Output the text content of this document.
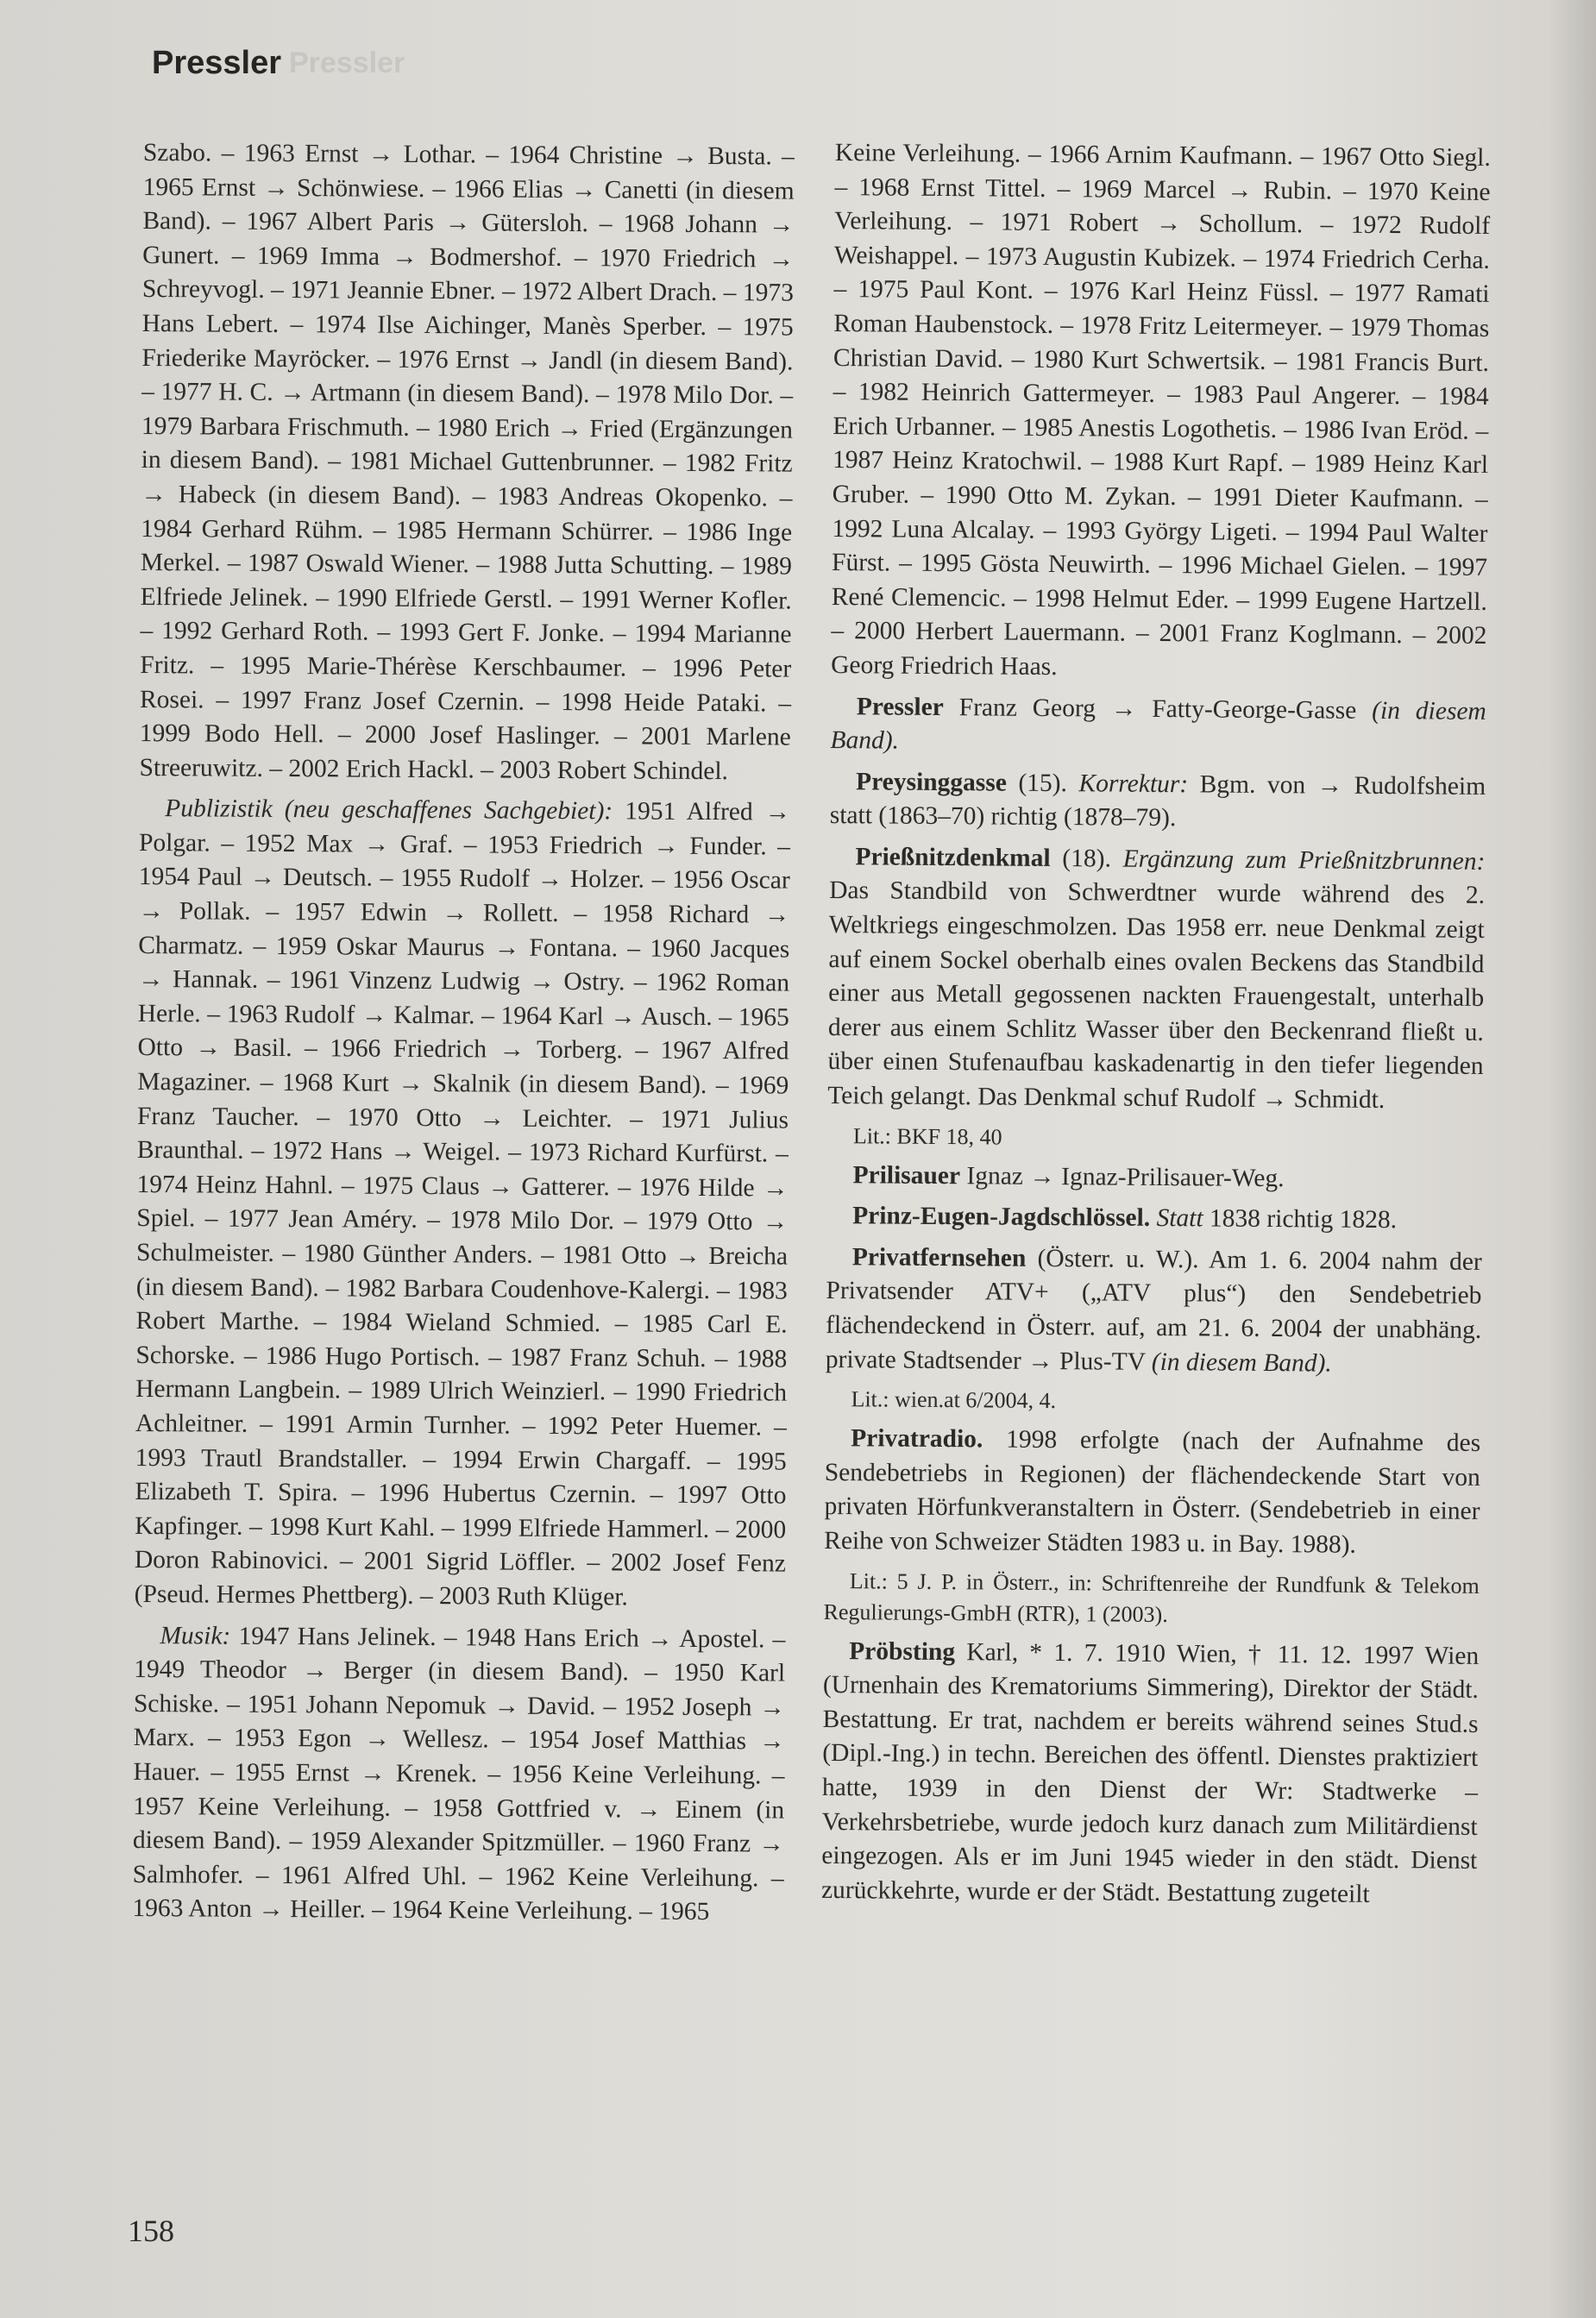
Pressler Pressler

Szabo. – 1963 Ernst → Lothar. – 1964 Christine → Busta. – 1965 Ernst → Schönwiese. – 1966 Elias → Canetti (in diesem Band). – 1967 Albert Paris → Gütersloh. – 1968 Johann → Gunert. – 1969 Imma → Bodmershof. – 1970 Friedrich → Schreyvogl. – 1971 Jeannie Ebner. – 1972 Albert Drach. – 1973 Hans Lebert. – 1974 Ilse Aichinger, Manès Sperber. – 1975 Friederike Mayröcker. – 1976 Ernst → Jandl (in diesem Band). – 1977 H. C. → Artmann (in diesem Band). – 1978 Milo Dor. – 1979 Barbara Frischmuth. – 1980 Erich → Fried (Ergänzungen in diesem Band). – 1981 Michael Guttenbrunner. – 1982 Fritz → Habeck (in diesem Band). – 1983 Andreas Okopenko. – 1984 Gerhard Rühm. – 1985 Hermann Schürrer. – 1986 Inge Merkel. – 1987 Oswald Wiener. – 1988 Jutta Schutting. – 1989 Elfriede Jelinek. – 1990 Elfriede Gerstl. – 1991 Werner Kofler. – 1992 Gerhard Roth. – 1993 Gert F. Jonke. – 1994 Marianne Fritz. – 1995 Marie-Thérèse Kerschbaumer. – 1996 Peter Rosei. – 1997 Franz Josef Czernin. – 1998 Heide Pataki. – 1999 Bodo Hell. – 2000 Josef Haslinger. – 2001 Marlene Streeruwitz. – 2002 Erich Hackl. – 2003 Robert Schindel.

Publizistik (neu geschaffenes Sachgebiet): 1951 Alfred → Polgar. – 1952 Max → Graf. – 1953 Friedrich → Funder. – 1954 Paul → Deutsch. – 1955 Rudolf → Holzer. – 1956 Oscar → Pollak. – 1957 Edwin → Rollett. – 1958 Richard → Charmatz. – 1959 Oskar Maurus → Fontana. – 1960 Jacques → Hannak. – 1961 Vinzenz Ludwig → Ostry. – 1962 Roman Herle. – 1963 Rudolf → Kalmar. – 1964 Karl → Ausch. – 1965 Otto → Basil. – 1966 Friedrich → Torberg. – 1967 Alfred Magaziner. – 1968 Kurt → Skalnik (in diesem Band). – 1969 Franz Taucher. – 1970 Otto → Leichter. – 1971 Julius Braunthal. – 1972 Hans → Weigel. – 1973 Richard Kurfürst. – 1974 Heinz Hahnl. – 1975 Claus → Gatterer. – 1976 Hilde → Spiel. – 1977 Jean Améry. – 1978 Milo Dor. – 1979 Otto → Schulmeister. – 1980 Günther Anders. – 1981 Otto → Breicha (in diesem Band). – 1982 Barbara Coudenhove-Kalergi. – 1983 Robert Marthe. – 1984 Wieland Schmied. – 1985 Carl E. Schorske. – 1986 Hugo Portisch. – 1987 Franz Schuh. – 1988 Hermann Langbein. – 1989 Ulrich Weinzierl. – 1990 Friedrich Achleitner. – 1991 Armin Turnher. – 1992 Peter Huemer. – 1993 Trautl Brandstaller. – 1994 Erwin Chargaff. – 1995 Elizabeth T. Spira. – 1996 Hubertus Czernin. – 1997 Otto Kapfinger. – 1998 Kurt Kahl. – 1999 Elfriede Hammerl. – 2000 Doron Rabinovici. – 2001 Sigrid Löffler. – 2002 Josef Fenz (Pseud. Hermes Phettberg). – 2003 Ruth Klüger.

Musik: 1947 Hans Jelinek. – 1948 Hans Erich → Apostel. – 1949 Theodor → Berger (in diesem Band). – 1950 Karl Schiske. – 1951 Johann Nepomuk → David. – 1952 Joseph → Marx. – 1953 Egon → Wellesz. – 1954 Josef Matthias → Hauer. – 1955 Ernst → Krenek. – 1956 Keine Verleihung. – 1957 Keine Verleihung. – 1958 Gottfried v. → Einem (in diesem Band). – 1959 Alexander Spitzmüller. – 1960 Franz → Salmhofer. – 1961 Alfred Uhl. – 1962 Keine Verleihung. – 1963 Anton → Heiller. – 1964 Keine Verleihung. – 1965

Keine Verleihung. – 1966 Arnim Kaufmann. – 1967 Otto Siegl. – 1968 Ernst Tittel. – 1969 Marcel → Rubin. – 1970 Keine Verleihung. – 1971 Robert → Schollum. – 1972 Rudolf Weishappel. – 1973 Augustin Kubizek. – 1974 Friedrich Cerha. – 1975 Paul Kont. – 1976 Karl Heinz Füssl. – 1977 Ramati Roman Haubenstock. – 1978 Fritz Leitermeyer. – 1979 Thomas Christian David. – 1980 Kurt Schwertsik. – 1981 Francis Burt. – 1982 Heinrich Gattermeyer. – 1983 Paul Angerer. – 1984 Erich Urbanner. – 1985 Anestis Logothetis. – 1986 Ivan Eröd. – 1987 Heinz Kratochwil. – 1988 Kurt Rapf. – 1989 Heinz Karl Gruber. – 1990 Otto M. Zykan. – 1991 Dieter Kaufmann. – 1992 Luna Alcalay. – 1993 György Ligeti. – 1994 Paul Walter Fürst. – 1995 Gösta Neuwirth. – 1996 Michael Gielen. – 1997 René Clemencic. – 1998 Helmut Eder. – 1999 Eugene Hartzell. – 2000 Herbert Lauermann. – 2001 Franz Koglmann. – 2002 Georg Friedrich Haas.

Pressler Franz Georg → Fatty-George-Gasse (in diesem Band).

Preysinggasse (15). Korrektur: Bgm. von → Rudolfsheim statt (1863–70) richtig (1878–79).

Prießnitzdenkmal (18). Ergänzung zum Prießnitzbrunnen: Das Standbild von Schwerdtner wurde während des 2. Weltkriegs eingeschmolzen. Das 1958 err. neue Denkmal zeigt auf einem Sockel oberhalb eines ovalen Beckens das Standbild einer aus Metall gegossenen nackten Frauengestalt, unterhalb derer aus einem Schlitz Wasser über den Beckenrand fließt u. über einen Stufenaufbau kaskadenartig in den tiefer liegenden Teich gelangt. Das Denkmal schuf Rudolf → Schmidt.

Lit.: BKF 18, 40

Prilisauer Ignaz → Ignaz-Prilisauer-Weg.

Prinz-Eugen-Jagdschlössel. Statt 1838 richtig 1828.

Privatfernsehen (Österr. u. W.). Am 1. 6. 2004 nahm der Privatsender ATV+ („ATV plus“) den Sendebetrieb flächendeckend in Österr. auf, am 21. 6. 2004 der unabhäng. private Stadtsender → Plus-TV (in diesem Band).

Lit.: wien.at 6/2004, 4.

Privatradio. 1998 erfolgte (nach der Aufnahme des Sendebetriebs in Regionen) der flächendeckende Start von privaten Hörfunkveranstaltern in Österr. (Sendebetrieb in einer Reihe von Schweizer Städten 1983 u. in Bay. 1988).

Lit.: 5 J. P. in Österr., in: Schriftenreihe der Rundfunk & Telekom Regulierungs-GmbH (RTR), 1 (2003).

Pröbsting Karl, * 1. 7. 1910 Wien, † 11. 12. 1997 Wien (Urnenhain des Krematoriums Simmering), Direktor der Städt. Bestattung. Er trat, nachdem er bereits während seines Stud.s (Dipl.-Ing.) in techn. Bereichen des öffentl. Dienstes praktiziert hatte, 1939 in den Dienst der Wr: Stadtwerke – Verkehrsbetriebe, wurde jedoch kurz danach zum Militärdienst eingezogen. Als er im Juni 1945 wieder in den städt. Dienst zurückkehrte, wurde er der Städt. Bestattung zugeteilt

158
